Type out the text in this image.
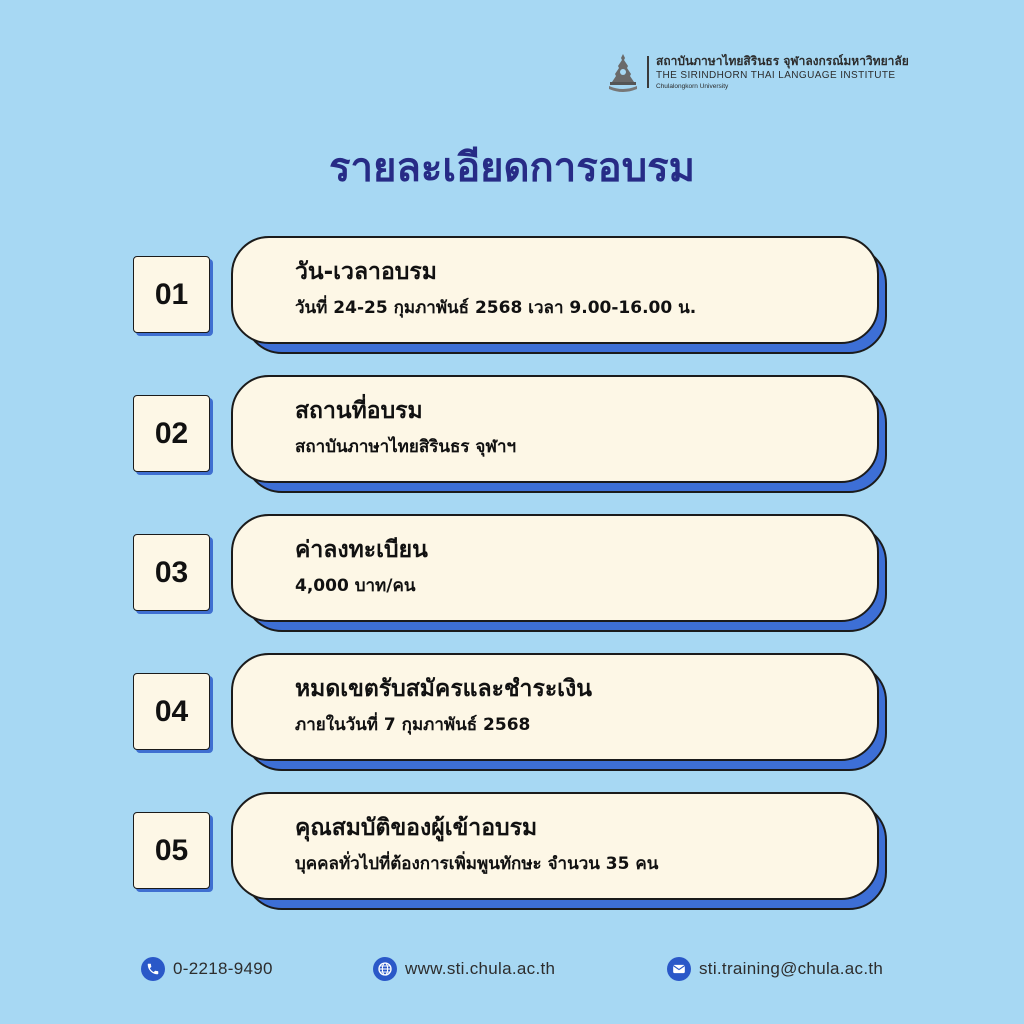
สถาบันภาษาไทยสิรินธร จุฬาลงกรณ์มหาวิทยาลัย
THE SIRINDHORN THAI LANGUAGE INSTITUTE
Chulalongkorn University
รายละเอียดการอบรม
01
วัน-เวลาอบรม
วันที่ 24-25 กุมภาพันธ์ 2568 เวลา 9.00-16.00 น.
02
สถานที่อบรม
สถาบันภาษาไทยสิรินธร จุฬาฯ
03
ค่าลงทะเบียน
4,000 บาท/คน
04
หมดเขตรับสมัครและชำระเงิน
ภายในวันที่ 7 กุมภาพันธ์ 2568
05
คุณสมบัติของผู้เข้าอบรม
บุคคลทั่วไปที่ต้องการเพิ่มพูนทักษะ จำนวน 35 คน
0-2218-9490	www.sti.chula.ac.th	sti.training@chula.ac.th
